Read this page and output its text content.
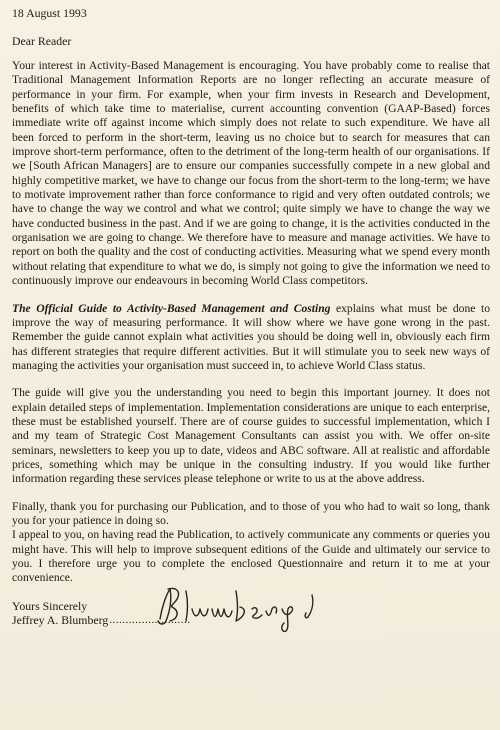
18 August 1993
Dear Reader
Your interest in Activity-Based Management is encouraging. You have probably come to realise that Traditional Management Information Reports are no longer reflecting an accurate measure of performance in your firm. For example, when your firm invests in Research and Development, benefits of which take time to materialise, current accounting convention (GAAP-Based) forces immediate write off against income which simply does not relate to such expenditure. We have all been forced to perform in the short-term, leaving us no choice but to search for measures that can improve short-term performance, often to the detriment of the long-term health of our organisations. If we [South African Managers] are to ensure our companies successfully compete in a new global and highly competitive market, we have to change our focus from the short-term to the long-term; we have to motivate improvement rather than force conformance to rigid and very often outdated controls; we have to change the way we control and what we control; quite simply we have to change the way we have conducted business in the past. And if we are going to change, it is the activities conducted in the organisation we are going to change. We therefore have to measure and manage activities. We have to report on both the quality and the cost of conducting activities. Measuring what we spend every month without relating that expenditure to what we do, is simply not going to give the information we need to continuously improve our endeavours in becoming World Class competitors.
The Official Guide to Activity-Based Management and Costing explains what must be done to improve the way of measuring performance. It will show where we have gone wrong in the past. Remember the guide cannot explain what activities you should be doing well in, obviously each firm has different strategies that require different activities. But it will stimulate you to seek new ways of managing the activities your organisation must succeed in, to achieve World Class status.
The guide will give you the understanding you need to begin this important journey. It does not explain detailed steps of implementation. Implementation considerations are unique to each enterprise, these must be established yourself. There are of course guides to successful implementation, which I and my team of Strategic Cost Management Consultants can assist you with. We offer on-site seminars, newsletters to keep you up to date, videos and ABC software. All at realistic and affordable prices, something which may be unique in the consulting industry. If you would like further information regarding these services please telephone or write to us at the above address.
Finally, thank you for purchasing our Publication, and to those of you who had to wait so long, thank you for your patience in doing so.
I appeal to you, on having read the Publication, to actively communicate any comments or queries you might have. This will help to improve subsequent editions of the Guide and ultimately our service to you. I therefore urge you to complete the enclosed Questionnaire and return it to me at your convenience.
Yours Sincerely
Jeffrey A. Blumberg .........................
